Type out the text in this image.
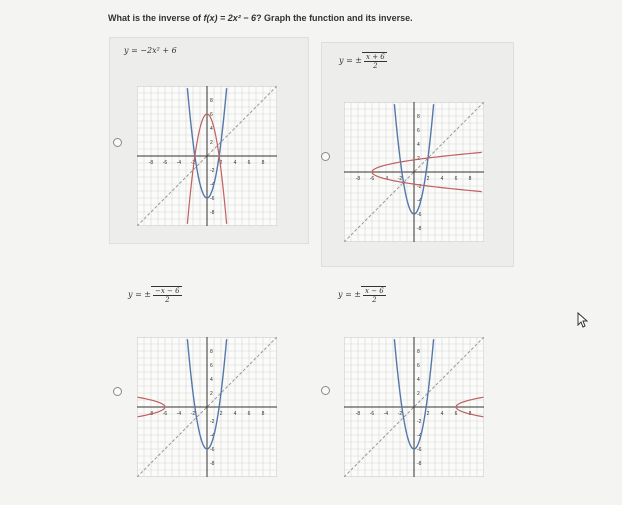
What is the inverse of f(x) = 2x² − 6? Graph the function and its inverse.
y = −2x² + 6
-8 -6 -4 -2	2 4 6 8
8
6
4
2
-2
-4
-6
-8
y = ± $\frac{x + 6}{2}$
-8 -6 -4 -2	2 4 6 8
8
6
4
2
-2
-4
-6
-8
y = ± $\frac{-x - 6}{2}$
-8 -6 -4 -2	2 4 6 8
8
6
4
2
-2
-4
-6
-8
y = ± $\frac{x - 6}{2}$
-8 -6 -4 -2	2 4 6 8
8
6
4
2
-2
-4
-6
-8
